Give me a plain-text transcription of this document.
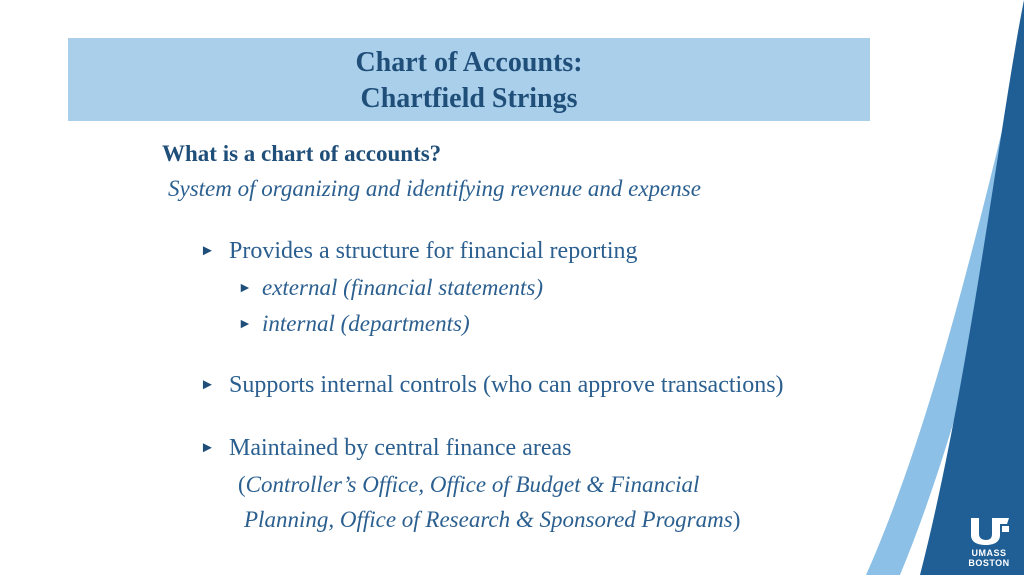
Chart of Accounts:
Chartfield Strings
What is a chart of accounts?
System of organizing and identifying revenue and expense
► Provides a structure for financial reporting
► external (financial statements)
► internal (departments)
► Supports internal controls (who can approve transactions)
► Maintained by central finance areas
(Controller’s Office, Office of Budget & Financial
Planning, Office of Research & Sponsored Programs)
UMASS
BOSTON
